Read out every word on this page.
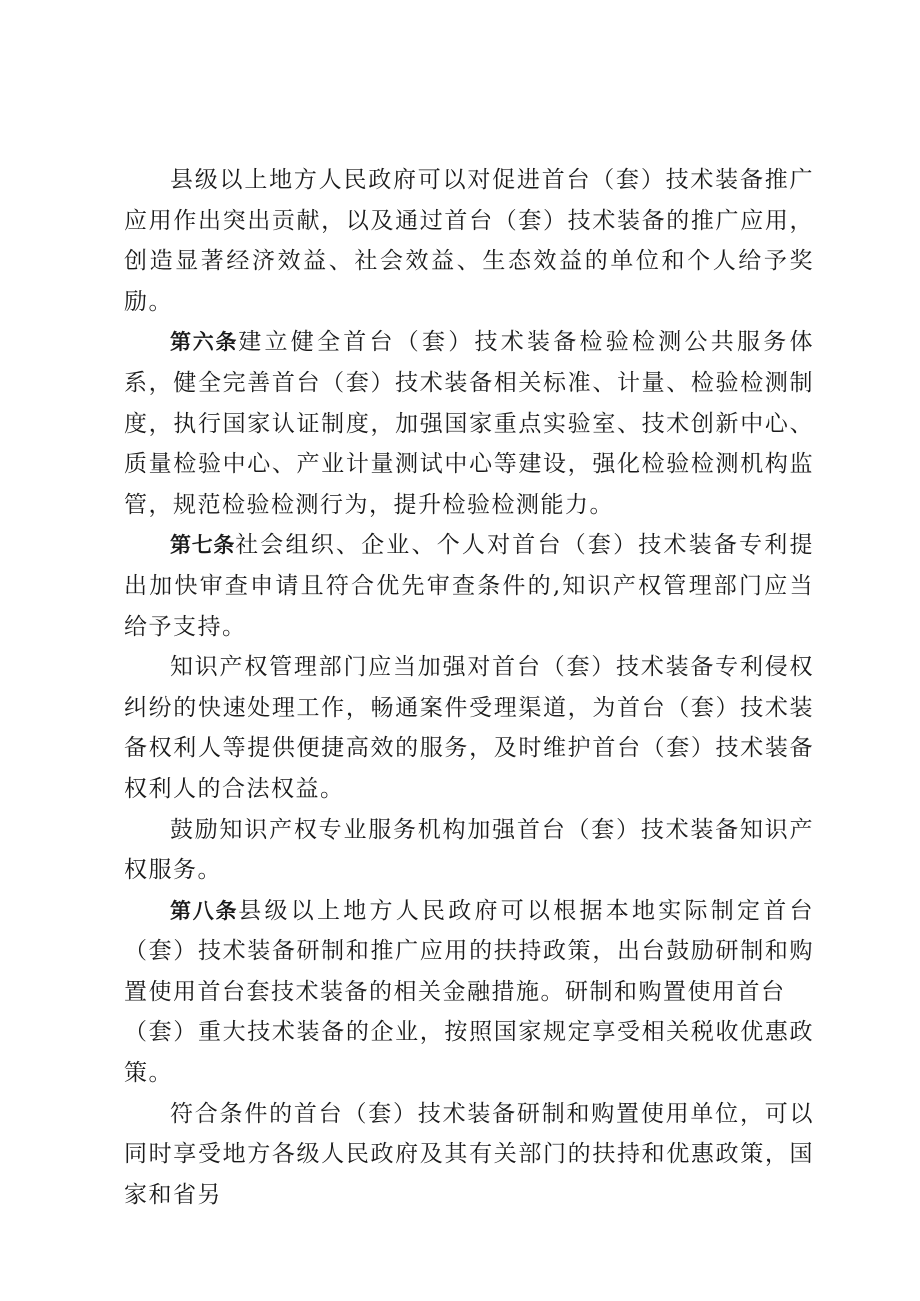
县级以上地方人民政府可以对促进首台（套）技术装备推广应用作出突出贡献，以及通过首台（套）技术装备的推广应用，创造显著经济效益、社会效益、生态效益的单位和个人给予奖励。

第六条建立健全首台（套）技术装备检验检测公共服务体系，健全完善首台（套）技术装备相关标准、计量、检验检测制度，执行国家认证制度，加强国家重点实验室、技术创新中心、质量检验中心、产业计量测试中心等建设，强化检验检测机构监管，规范检验检测行为，提升检验检测能力。

第七条社会组织、企业、个人对首台（套）技术装备专利提出加快审查申请且符合优先审查条件的,知识产权管理部门应当给予支持。

知识产权管理部门应当加强对首台（套）技术装备专利侵权纠纷的快速处理工作，畅通案件受理渠道，为首台（套）技术装备权利人等提供便捷高效的服务，及时维护首台（套）技术装备权利人的合法权益。

鼓励知识产权专业服务机构加强首台（套）技术装备知识产权服务。

第八条县级以上地方人民政府可以根据本地实际制定首台（套）技术装备研制和推广应用的扶持政策，出台鼓励研制和购置使用首台套技术装备的相关金融措施。研制和购置使用首台

（套）重大技术装备的企业，按照国家规定享受相关税收优惠政策。

符合条件的首台（套）技术装备研制和购置使用单位，可以同时享受地方各级人民政府及其有关部门的扶持和优惠政策，国家和省另
